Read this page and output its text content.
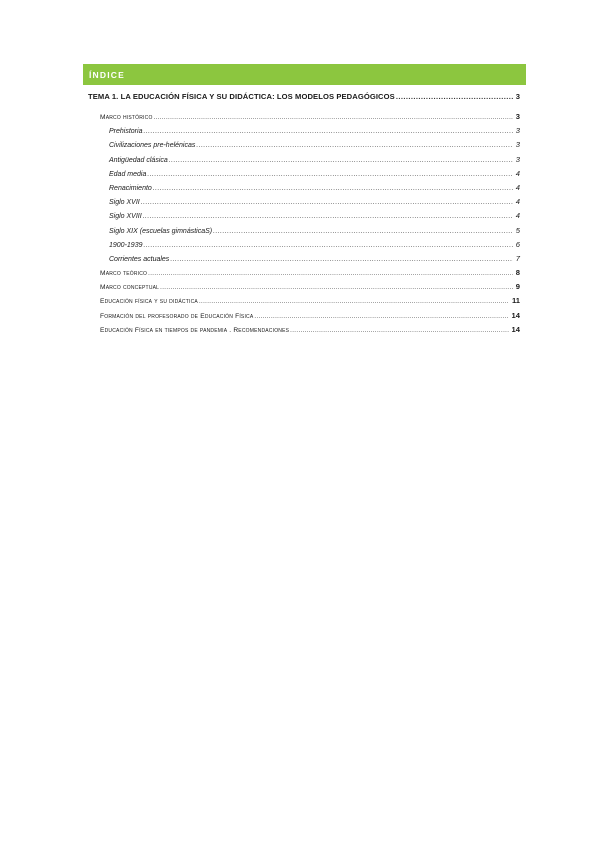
ÍNDICE
TEMA 1. LA EDUCACIÓN FÍSICA Y SU DIDÁCTICA: LOS MODELOS PEDAGÓGICOS .....	3
Marco histórico .....	3
Prehistoria .....	3
Civilizaciones pre-helénicas .....	3
Antigüedad clásica .....	3
Edad media .....	4
Renacimiento .....	4
Siglo XVII .....	4
Siglo XVIII .....	4
Siglo XIX (escuelas gimnásticaS) .....	5
1900-1939 .....	6
Corrientes actuales .....	7
Marco teórico .....	8
Marco conceptual .....	9
Educación física y su didáctica .....	11
Formación del profesorado de Educación Física .....	14
Educación Física en tiempos de pandemia . Recomendaciones .....	14
